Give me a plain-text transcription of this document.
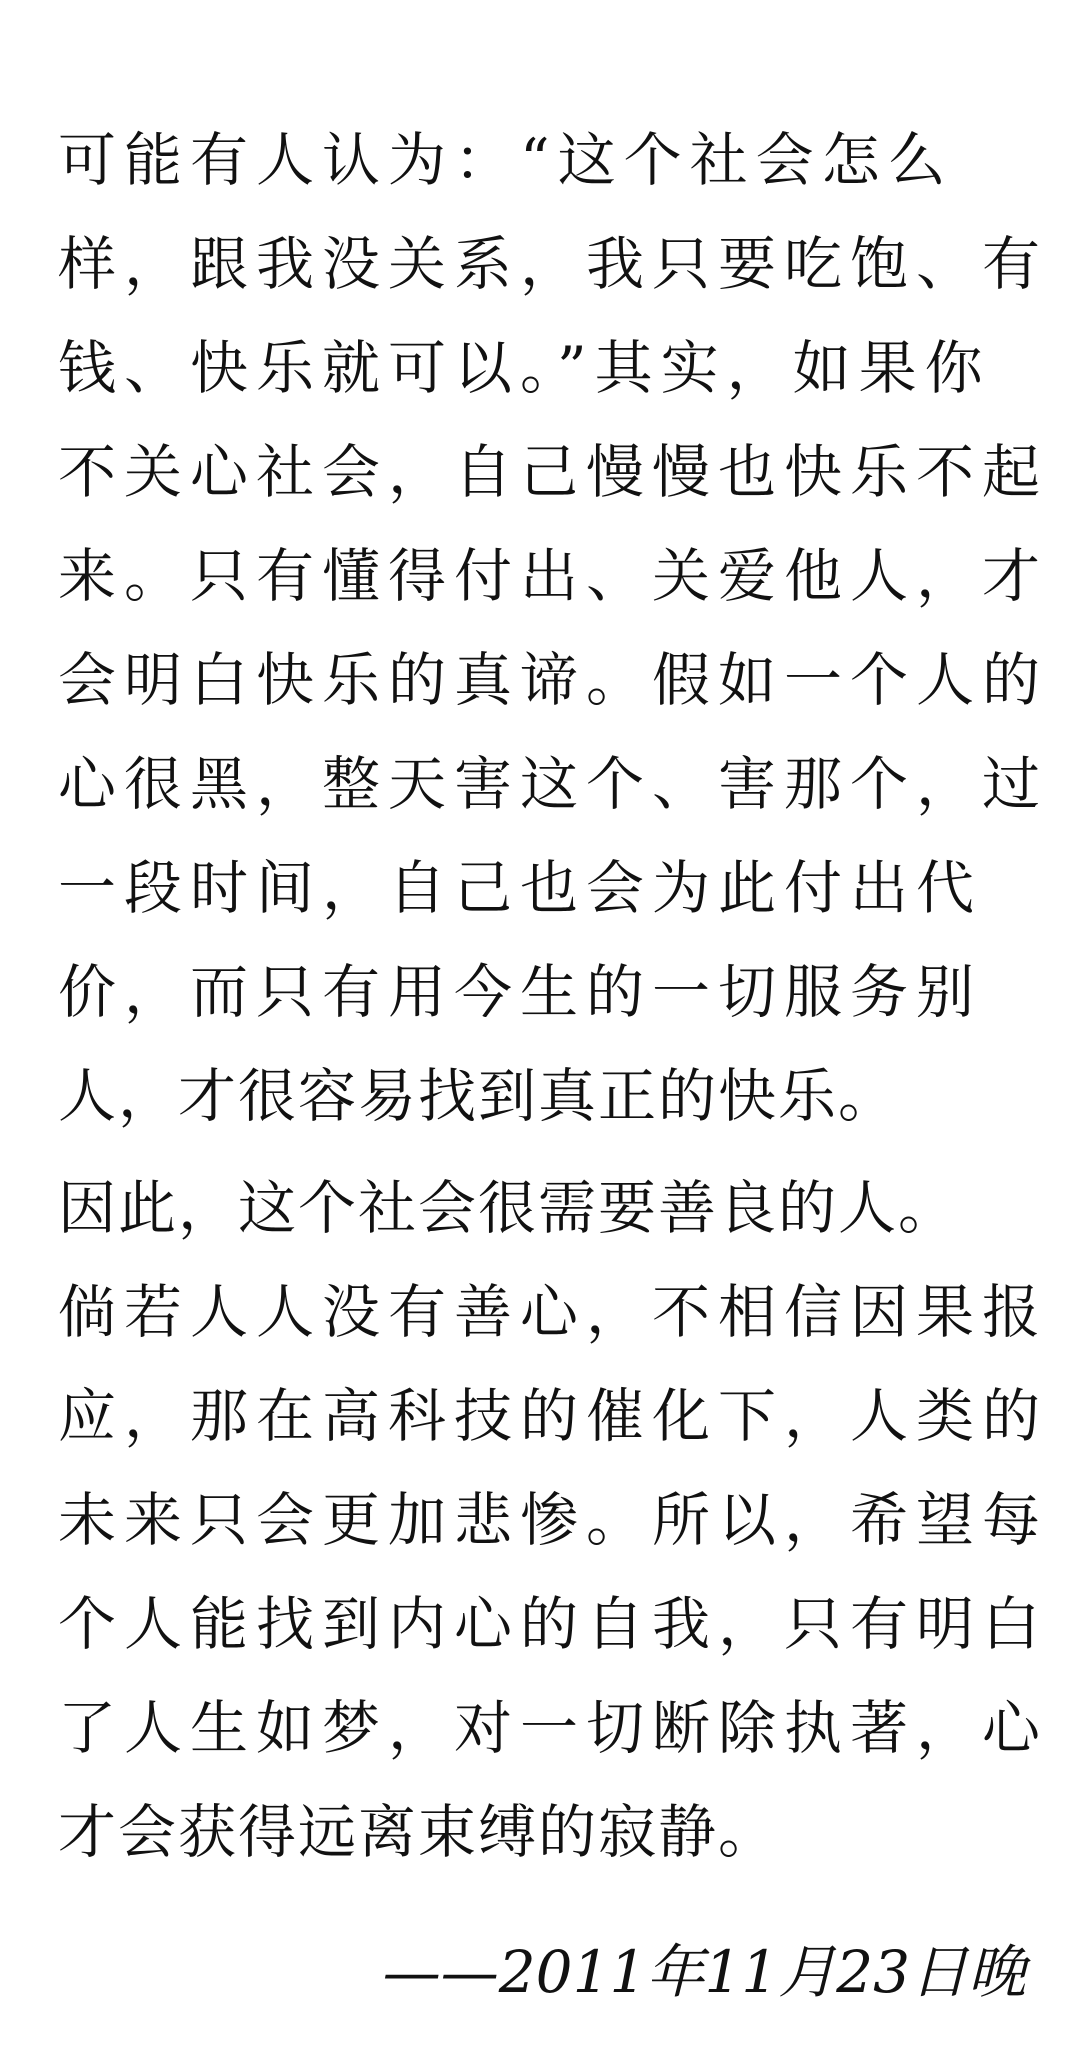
可能有人认为：“这个社会怎么
样，跟我没关系，我只要吃饱、有
钱、快乐就可以。”其实，如果你
不关心社会，自己慢慢也快乐不起
来。只有懂得付出、关爱他人，才
会明白快乐的真谛。假如一个人的
心很黑，整天害这个、害那个，过
一段时间，自己也会为此付出代
价，而只有用今生的一切服务别
人，才很容易找到真正的快乐。

因此，这个社会很需要善良的人。
倘若人人没有善心，不相信因果报
应，那在高科技的催化下，人类的
未来只会更加悲惨。所以，希望每
个人能找到内心的自我，只有明白
了人生如梦，对一切断除执著，心
才会获得远离束缚的寂静。

——2011年11月23日晚
